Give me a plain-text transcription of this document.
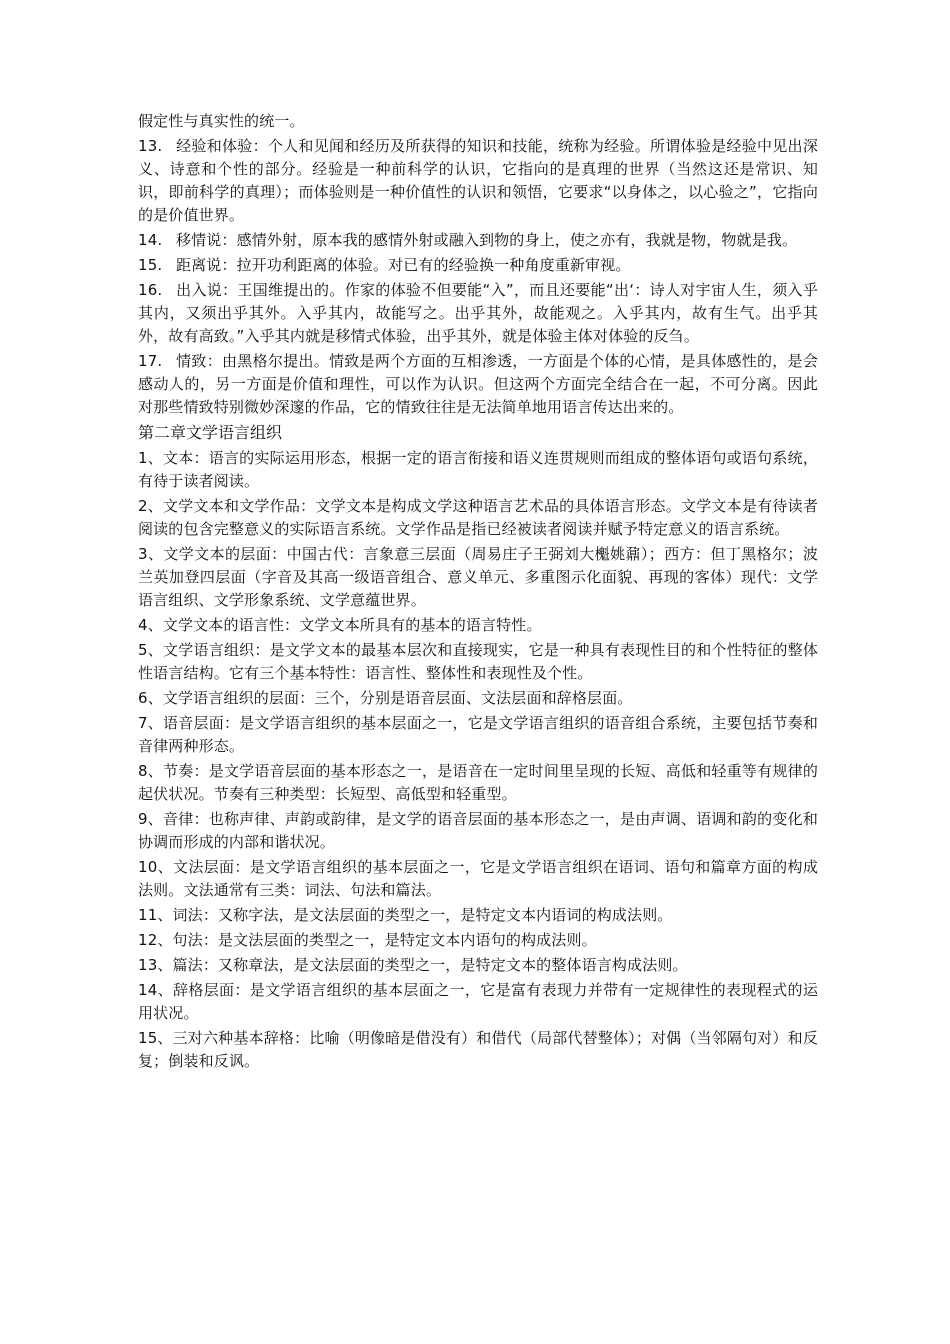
假定性与真实性的统一。

13. 经验和体验：个人和见闻和经历及所获得的知识和技能，统称为经验。所谓体验是经验中见出深义、诗意和个性的部分。经验是一种前科学的认识，它指向的是真理的世界（当然这还是常识、知识，即前科学的真理）；而体验则是一种价值性的认识和领悟，它要求“以身体之，以心验之”，它指向的是价值世界。

14. 移情说：感情外射，原本我的感情外射或融入到物的身上，使之亦有，我就是物，物就是我。

15. 距离说：拉开功利距离的体验。对已有的经验换一种角度重新审视。

16. 出入说：王国维提出的。作家的体验不但要能“入”，而且还要能“出‘：诗人对宇宙人生，须入乎其内，又须出乎其外。入乎其内，故能写之。出乎其外，故能观之。入乎其内，故有生气。出乎其外，故有高致。”入乎其内就是移情式体验，出乎其外，就是体验主体对体验的反刍。

17. 情致：由黑格尔提出。情致是两个方面的互相渗透，一方面是个体的心情，是具体感性的，是会感动人的，另一方面是价值和理性，可以作为认识。但这两个方面完全结合在一起，不可分离。因此对那些情致特别微妙深邃的作品，它的情致往往是无法简单地用语言传达出来的。

第二章文学语言组织

1、文本：语言的实际运用形态，根据一定的语言衔接和语义连贯规则而组成的整体语句或语句系统，有待于读者阅读。

2、文学文本和文学作品：文学文本是构成文学这种语言艺术品的具体语言形态。文学文本是有待读者阅读的包含完整意义的实际语言系统。文学作品是指已经被读者阅读并赋予特定意义的语言系统。

3、文学文本的层面：中国古代：言象意三层面（周易庄子王弼刘大櫆姚鼐）；西方：但丁黑格尔；波兰英加登四层面（字音及其高一级语音组合、意义单元、多重图示化面貌、再现的客体）现代：文学语言组织、文学形象系统、文学意蕴世界。

4、文学文本的语言性：文学文本所具有的基本的语言特性。

5、文学语言组织：是文学文本的最基本层次和直接现实，它是一种具有表现性目的和个性特征的整体性语言结构。它有三个基本特性：语言性、整体性和表现性及个性。

6、文学语言组织的层面：三个，分别是语音层面、文法层面和辞格层面。

7、语音层面：是文学语言组织的基本层面之一，它是文学语言组织的语音组合系统，主要包括节奏和音律两种形态。

8、节奏：是文学语音层面的基本形态之一，是语音在一定时间里呈现的长短、高低和轻重等有规律的起伏状况。节奏有三种类型：长短型、高低型和轻重型。

9、音律：也称声律、声韵或韵律，是文学的语音层面的基本形态之一，是由声调、语调和韵的变化和协调而形成的内部和谐状况。

10、文法层面：是文学语言组织的基本层面之一，它是文学语言组织在语词、语句和篇章方面的构成法则。文法通常有三类：词法、句法和篇法。

11、词法：又称字法，是文法层面的类型之一，是特定文本内语词的构成法则。

12、句法：是文法层面的类型之一，是特定文本内语句的构成法则。

13、篇法：又称章法，是文法层面的类型之一，是特定文本的整体语言构成法则。

14、辞格层面：是文学语言组织的基本层面之一，它是富有表现力并带有一定规律性的表现程式的运用状况。

15、三对六种基本辞格：比喻（明像暗是借没有）和借代（局部代替整体）；对偶（当邻隔句对）和反复；倒装和反讽。
